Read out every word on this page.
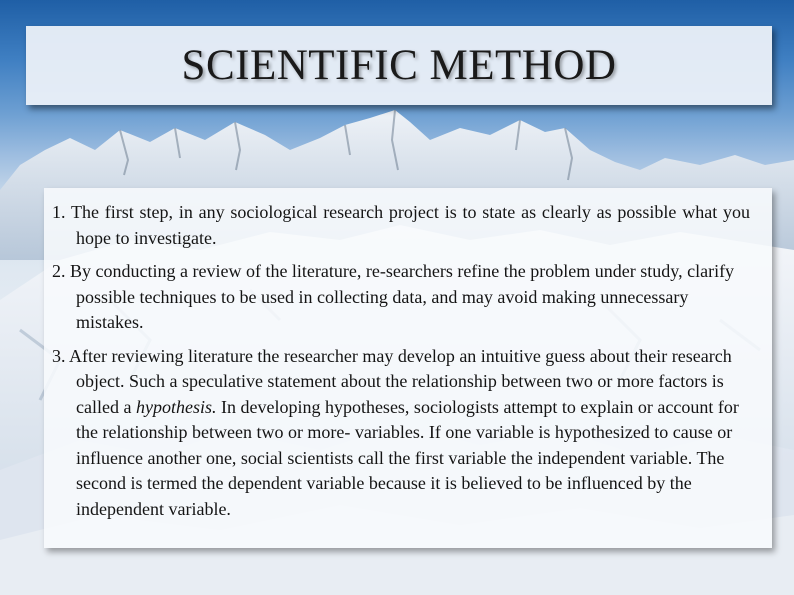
SCIENTIFIC METHOD

1. The first step, in any sociological research project is to state as clearly as possible what you hope to investigate.

2. By conducting a review of the literature, re-searchers refine the problem under study, clarify possible techniques to be used in collecting data, and may avoid making unnecessary mistakes.

3. After reviewing literature the researcher may develop an intuitive guess about their research object. Such a speculative statement about the relationship between two or more factors is called a hypothesis. In developing hypotheses, sociologists attempt to explain or account for the relationship between two or more- variables. If one variable is hypothesized to cause or influence another one, social scientists call the first variable the independent variable. The second is termed the dependent variable because it is believed to be influenced by the independent variable.
